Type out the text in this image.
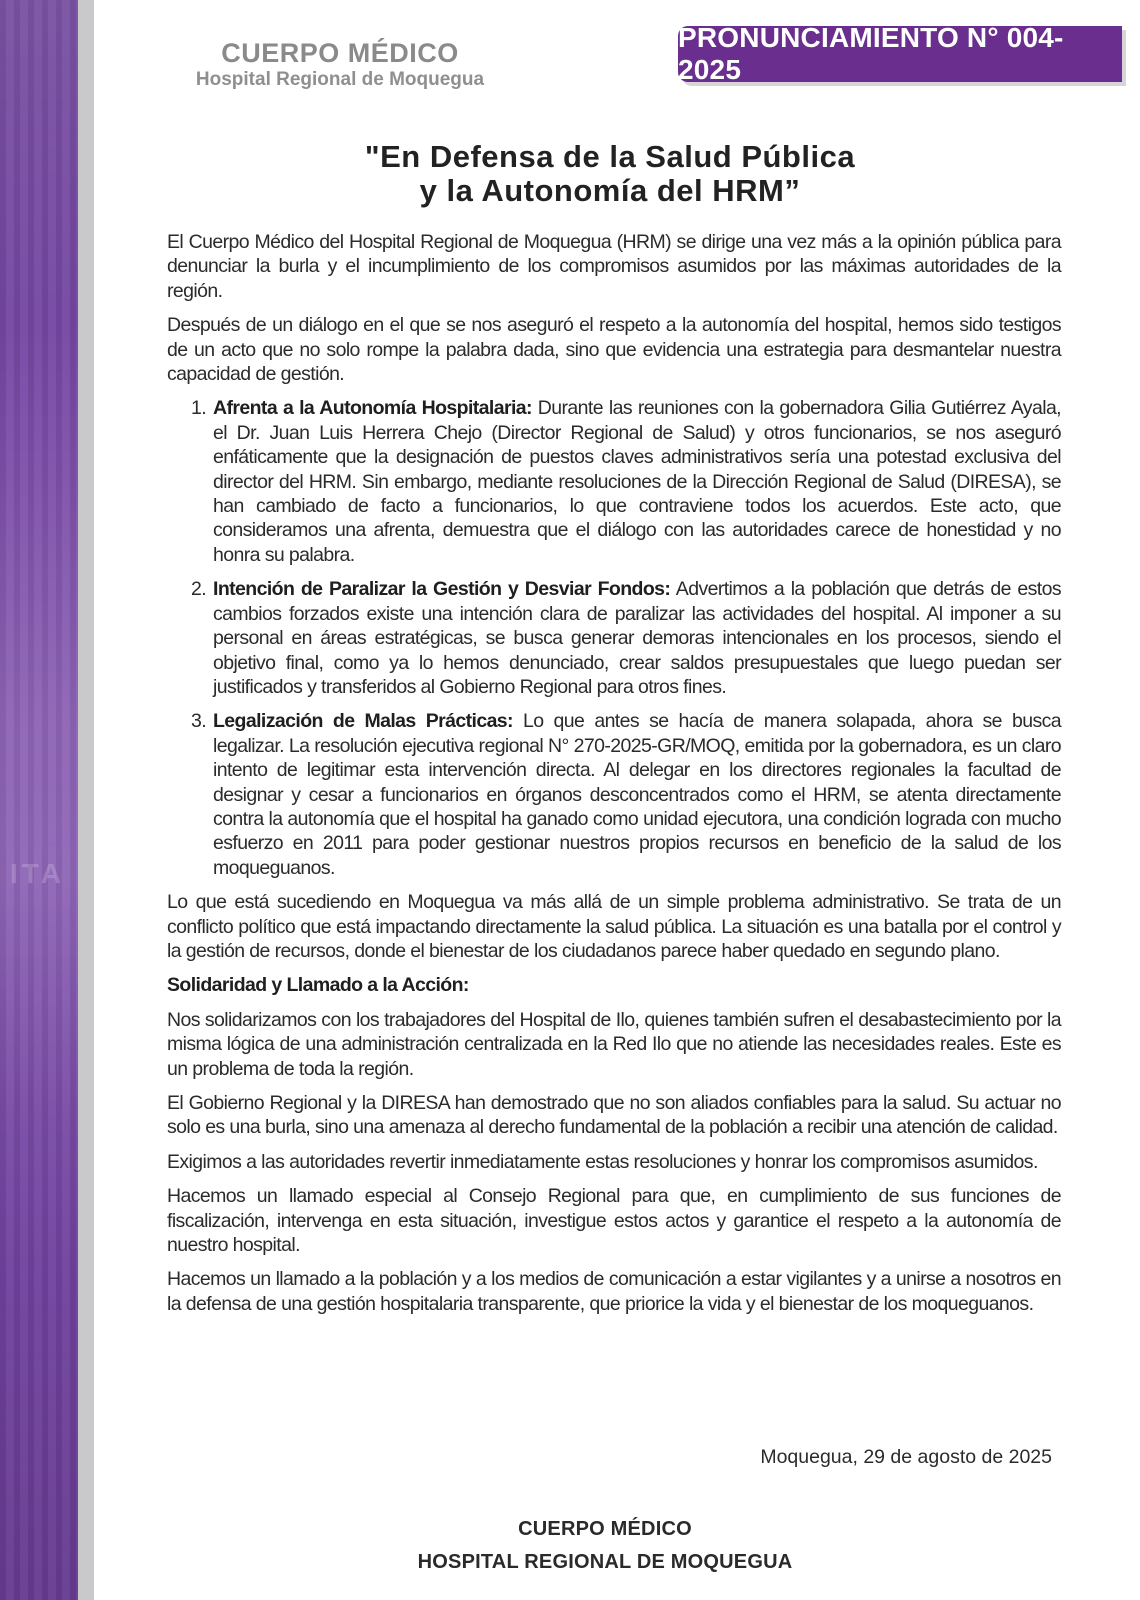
ITA
CUERPO MÉDICO
Hospital Regional de Moquegua
PRONUNCIAMIENTO N° 004-2025
"En Defensa de la Salud Pública
y la Autonomía del HRM”

El Cuerpo Médico del Hospital Regional de Moquegua (HRM) se dirige una vez más a la opinión pública para denunciar la burla y el incumplimiento de los compromisos asumidos por las máximas autoridades de la región.

Después de un diálogo en el que se nos aseguró el respeto a la autonomía del hospital, hemos sido testigos de un acto que no solo rompe la palabra dada, sino que evidencia una estrategia para desmantelar nuestra capacidad de gestión.

1. Afrenta a la Autonomía Hospitalaria: Durante las reuniones con la gobernadora Gilia Gutiérrez Ayala, el Dr. Juan Luis Herrera Chejo (Director Regional de Salud) y otros funcionarios, se nos aseguró enfáticamente que la designación de puestos claves administrativos sería una potestad exclusiva del director del HRM. Sin embargo, mediante resoluciones de la Dirección Regional de Salud (DIRESA), se han cambiado de facto a funcionarios, lo que contraviene todos los acuerdos. Este acto, que consideramos una afrenta, demuestra que el diálogo con las autoridades carece de honestidad y no honra su palabra.
2. Intención de Paralizar la Gestión y Desviar Fondos: Advertimos a la población que detrás de estos cambios forzados existe una intención clara de paralizar las actividades del hospital. Al imponer a su personal en áreas estratégicas, se busca generar demoras intencionales en los procesos, siendo el objetivo final, como ya lo hemos denunciado, crear saldos presupuestales que luego puedan ser justificados y transferidos al Gobierno Regional para otros fines.
3. Legalización de Malas Prácticas: Lo que antes se hacía de manera solapada, ahora se busca legalizar. La resolución ejecutiva regional N° 270-2025-GR/MOQ, emitida por la gobernadora, es un claro intento de legitimar esta intervención directa. Al delegar en los directores regionales la facultad de designar y cesar a funcionarios en órganos desconcentrados como el HRM, se atenta directamente contra la autonomía que el hospital ha ganado como unidad ejecutora, una condición lograda con mucho esfuerzo en 2011 para poder gestionar nuestros propios recursos en beneficio de la salud de los moqueguanos.

Lo que está sucediendo en Moquegua va más allá de un simple problema administrativo. Se trata de un conflicto político que está impactando directamente la salud pública. La situación es una batalla por el control y la gestión de recursos, donde el bienestar de los ciudadanos parece haber quedado en segundo plano.

Solidaridad y Llamado a la Acción:

Nos solidarizamos con los trabajadores del Hospital de Ilo, quienes también sufren el desabastecimiento por la misma lógica de una administración centralizada en la Red Ilo que no atiende las necesidades reales. Este es un problema de toda la región.

El Gobierno Regional y la DIRESA han demostrado que no son aliados confiables para la salud. Su actuar no solo es una burla, sino una amenaza al derecho fundamental de la población a recibir una atención de calidad.

Exigimos a las autoridades revertir inmediatamente estas resoluciones y honrar los compromisos asumidos.

Hacemos un llamado especial al Consejo Regional para que, en cumplimiento de sus funciones de fiscalización, intervenga en esta situación, investigue estos actos y garantice el respeto a la autonomía de nuestro hospital.

Hacemos un llamado a la población y a los medios de comunicación a estar vigilantes y a unirse a nosotros en la defensa de una gestión hospitalaria transparente, que priorice la vida y el bienestar de los moqueguanos.

Moquegua, 29 de agosto de 2025
CUERPO MÉDICO
HOSPITAL REGIONAL DE MOQUEGUA
